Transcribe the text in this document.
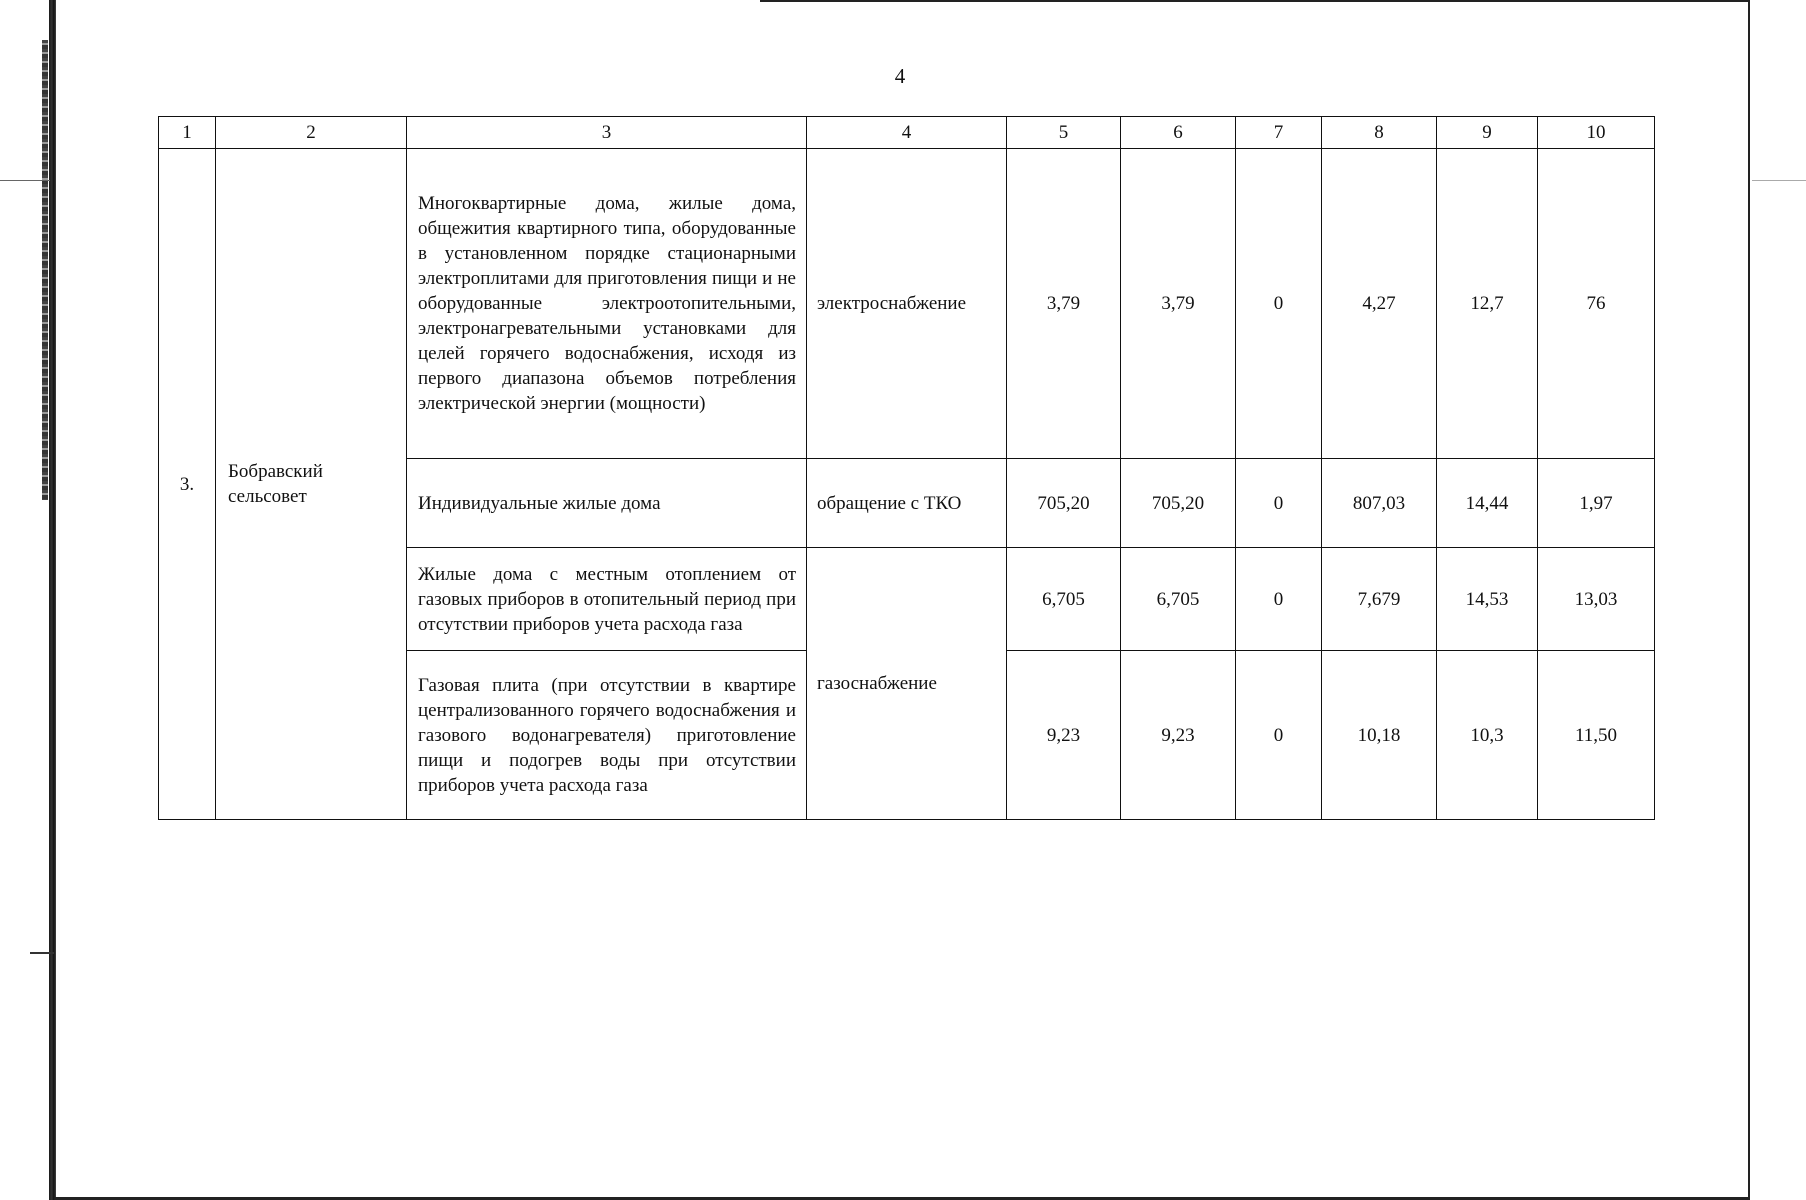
4
1	2	3	4	5	6	7	8	9	10
3.	Бобравский сельсовет	Многоквартирные дома, жилые дома, общежития квартирного типа, оборудованные в установленном порядке стационарными электроплитами для приготовления пищи и не оборудованные электроотопительными, электронагревательными установками для целей горячего водоснабжения, исходя из первого диапазона объемов потребления электрической энергии (мощности)	электроснабжение	3,79	3,79	0	4,27	12,7	76
		Индивидуальные жилые дома	обращение с ТКО	705,20	705,20	0	807,03	14,44	1,97
		Жилые дома с местным отоплением от газовых приборов в отопительный период при отсутствии приборов учета расхода газа	газоснабжение	6,705	6,705	0	7,679	14,53	13,03
		Газовая плита (при отсутствии в квартире централизованного горячего водоснабжения и газового водонагревателя) приготовление пищи и подогрев воды при отсутствии приборов учета расхода газа		9,23	9,23	0	10,18	10,3	11,50
